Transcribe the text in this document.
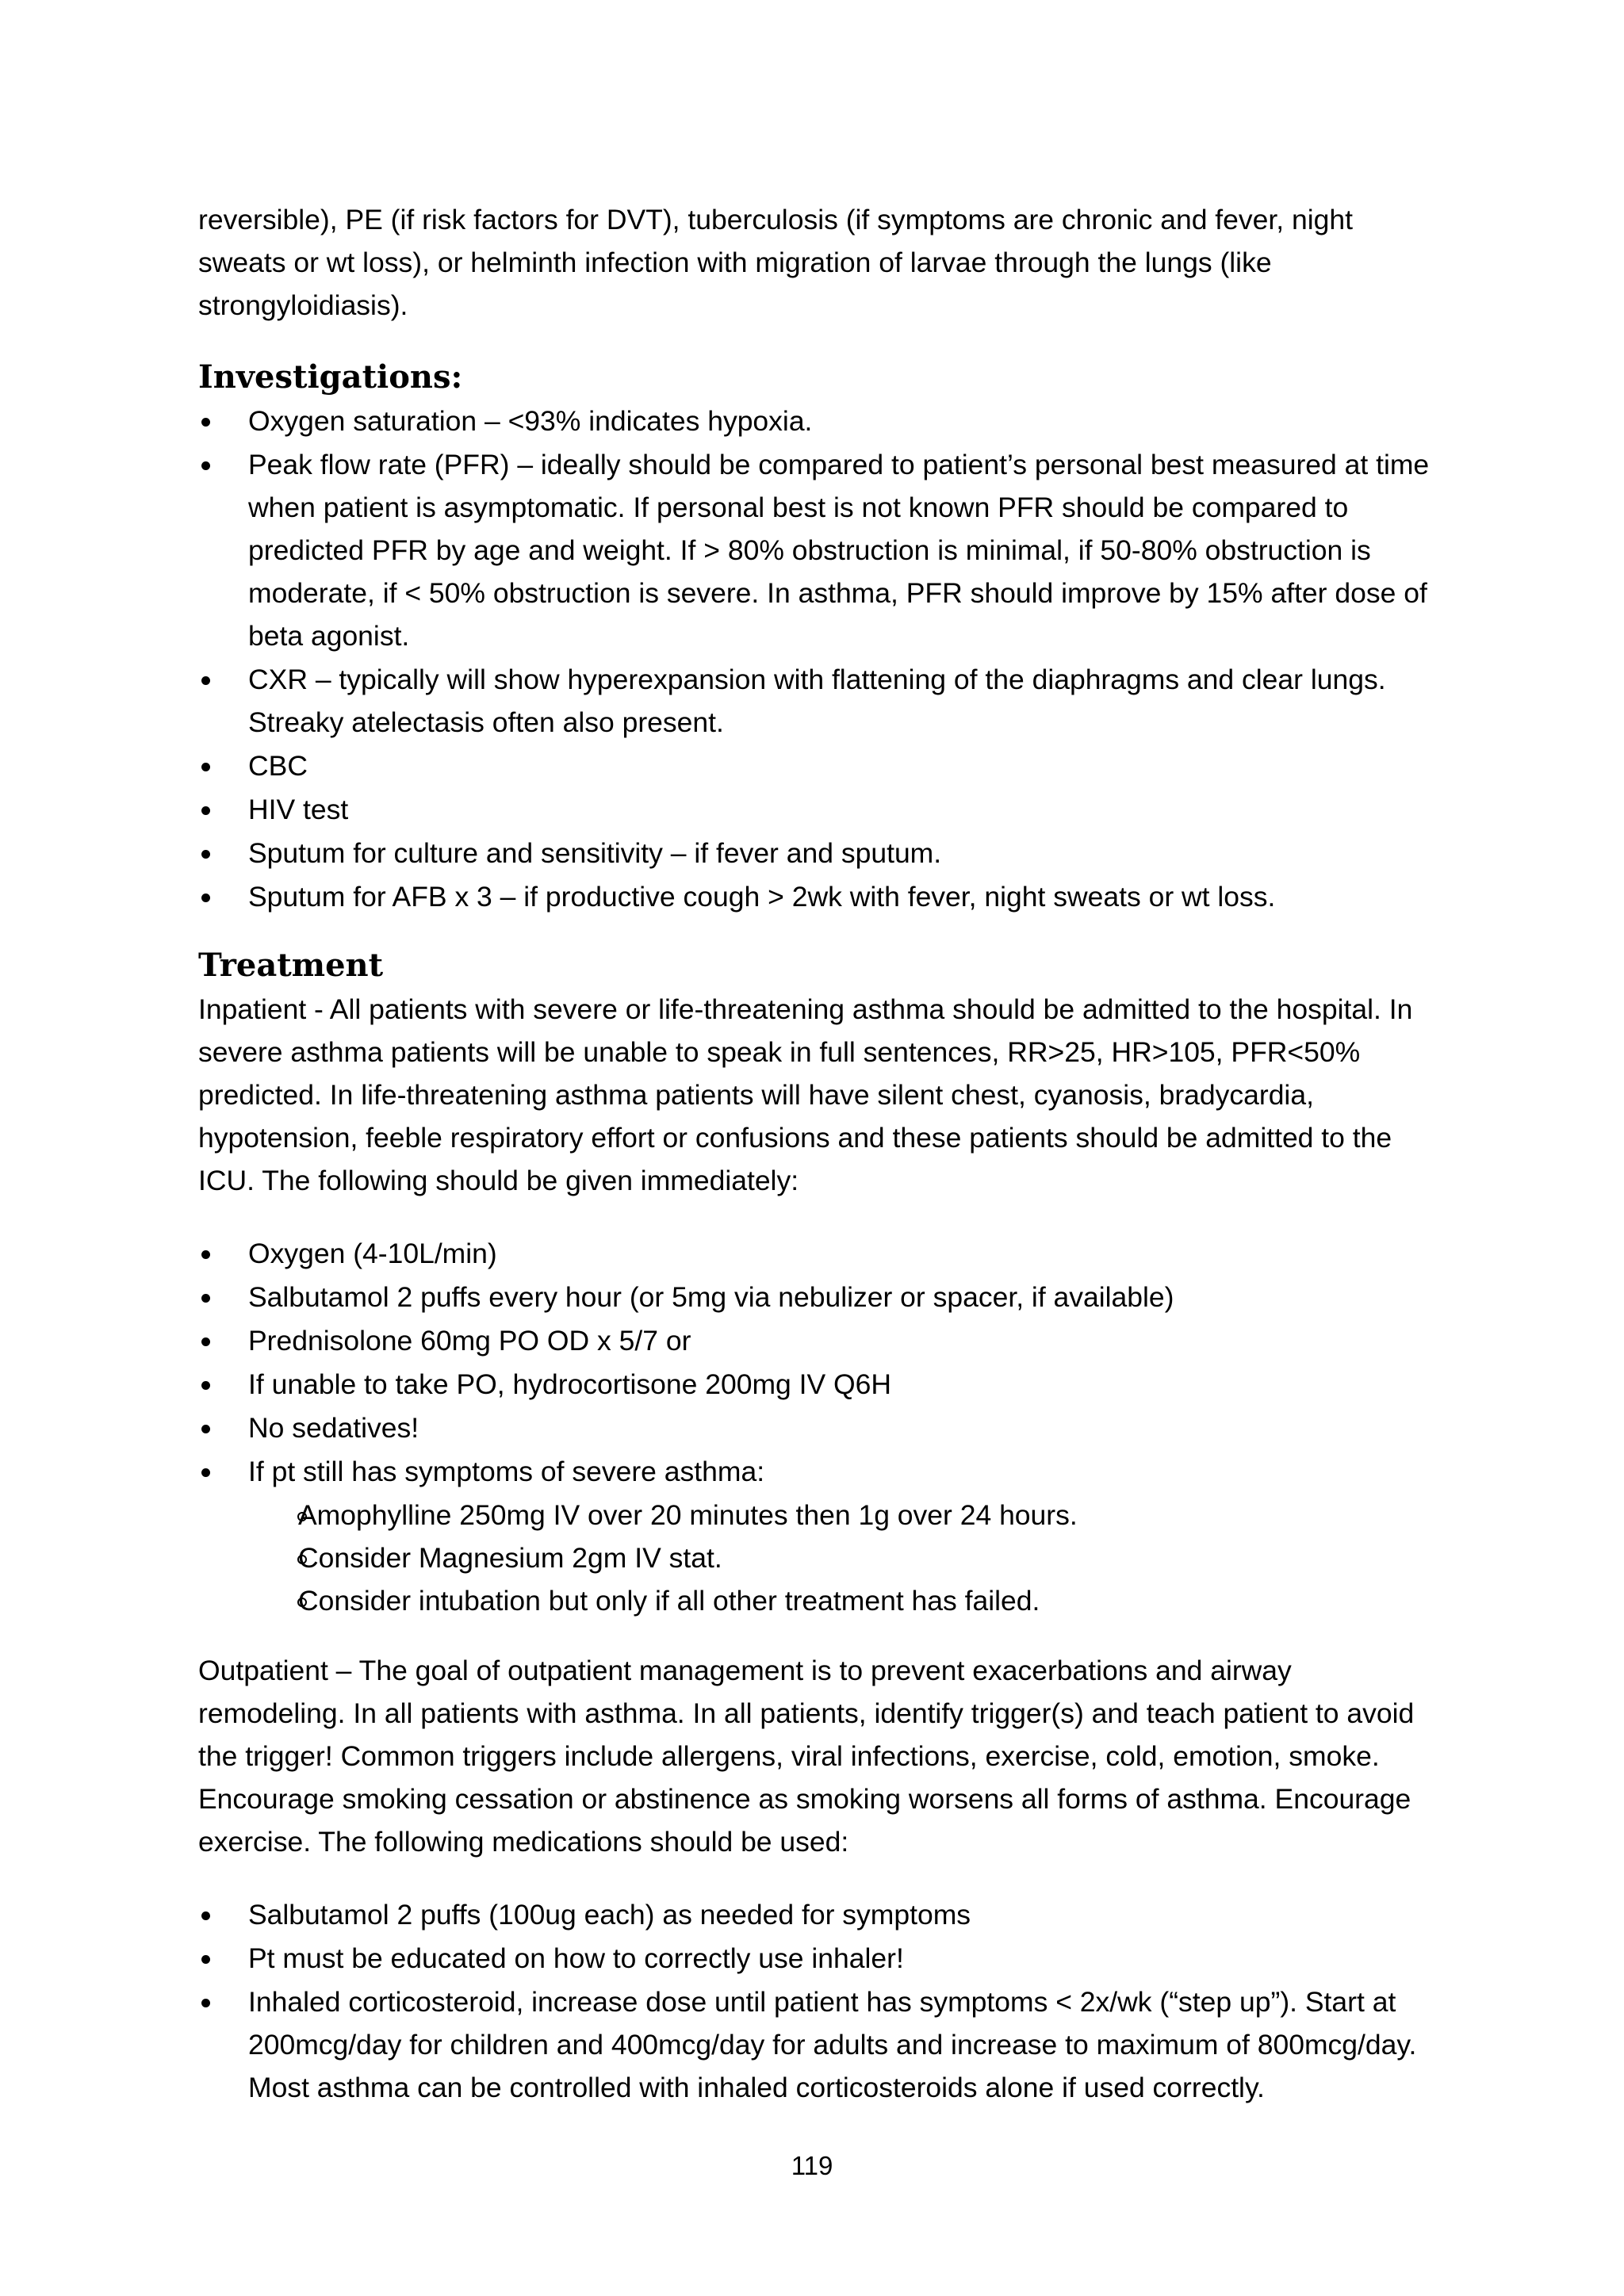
reversible), PE (if risk factors for DVT), tuberculosis (if symptoms are chronic and fever, night sweats or wt loss), or helminth infection with migration of larvae through the lungs (like strongyloidiasis).

Investigations:
Oxygen saturation – <93% indicates hypoxia.
Peak flow rate (PFR) – ideally should be compared to patient’s personal best measured at time when patient is asymptomatic. If personal best is not known PFR should be compared to predicted PFR by age and weight. If > 80% obstruction is minimal, if 50-80% obstruction is moderate, if < 50% obstruction is severe. In asthma, PFR should improve by 15% after dose of beta agonist.
CXR – typically will show hyperexpansion with flattening of the diaphragms and clear lungs. Streaky atelectasis often also present.
CBC
HIV test
Sputum for culture and sensitivity – if fever and sputum.
Sputum for AFB x 3 – if productive cough > 2wk with fever, night sweats or wt loss.
Treatment

Inpatient - All patients with severe or life-threatening asthma should be admitted to the hospital. In severe asthma patients will be unable to speak in full sentences, RR>25, HR>105, PFR<50% predicted. In life-threatening asthma patients will have silent chest, cyanosis, bradycardia, hypotension, feeble respiratory effort or confusions and these patients should be admitted to the ICU. The following should be given immediately:

Oxygen (4-10L/min)
Salbutamol 2 puffs every hour (or 5mg via nebulizer or spacer, if available)
Prednisolone 60mg PO OD x 5/7 or
If unable to take PO, hydrocortisone 200mg IV Q6H
No sedatives!
If pt still has symptoms of severe asthma:
Amophylline 250mg IV over 20 minutes then 1g over 24 hours.
Consider Magnesium 2gm IV stat.
Consider intubation but only if all other treatment has failed.

Outpatient – The goal of outpatient management is to prevent exacerbations and airway remodeling. In all patients with asthma. In all patients, identify trigger(s) and teach patient to avoid the trigger! Common triggers include allergens, viral infections, exercise, cold, emotion, smoke. Encourage smoking cessation or abstinence as smoking worsens all forms of asthma. Encourage exercise. The following medications should be used:

Salbutamol 2 puffs (100ug each) as needed for symptoms
Pt must be educated on how to correctly use inhaler!
Inhaled corticosteroid, increase dose until patient has symptoms < 2x/wk (“step up”). Start at 200mcg/day for children and 400mcg/day for adults and increase to maximum of 800mcg/day. Most asthma can be controlled with inhaled corticosteroids alone if used correctly.
119
